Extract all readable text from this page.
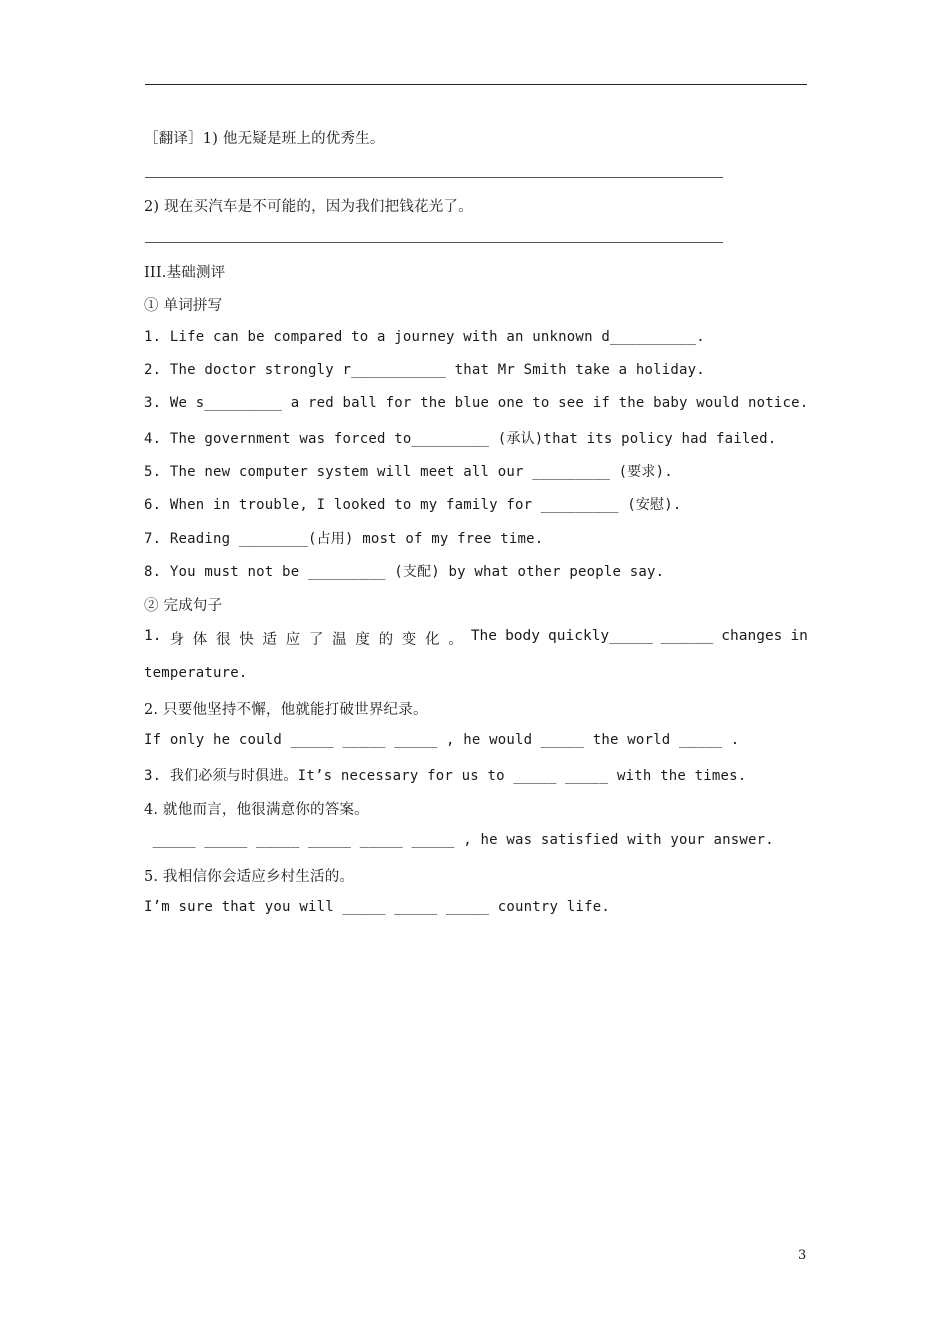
［翻译］1) 他无疑是班上的优秀生。
2) 现在买汽车是不可能的，因为我们把钱花光了。
III.基础测评
① 单词拼写
1. Life can be compared to a journey with an unknown d__________.
2. The doctor strongly r___________ that Mr Smith take a holiday.
3. We s_________ a red ball for the blue one to see if the baby would notice.
4. The government was forced to_________ (承认)that its policy had failed.
5. The new computer system will meet all our _________ (要求).
6. When in trouble, I looked to my family for _________ (安慰).
7. Reading ________(占用) most of my free time.
8. You must not be _________ (支配) by what other people say.
② 完成句子
1. 身 体 很 快 适 应 了 温 度 的 变 化 。 The body quickly_____ ______ changes in
temperature.
2. 只要他坚持不懈，他就能打破世界纪录。
If only he could _____ _____ _____ , he would _____ the world _____ .
3. 我们必须与时俱进。It’s necessary for us to _____ _____ with the times.
4. 就他而言，他很满意你的答案。
_____ _____ _____ _____ _____ _____ , he was satisfied with your answer.
5. 我相信你会适应乡村生活的。
I’m sure that you will _____ _____ _____ country life.
3
